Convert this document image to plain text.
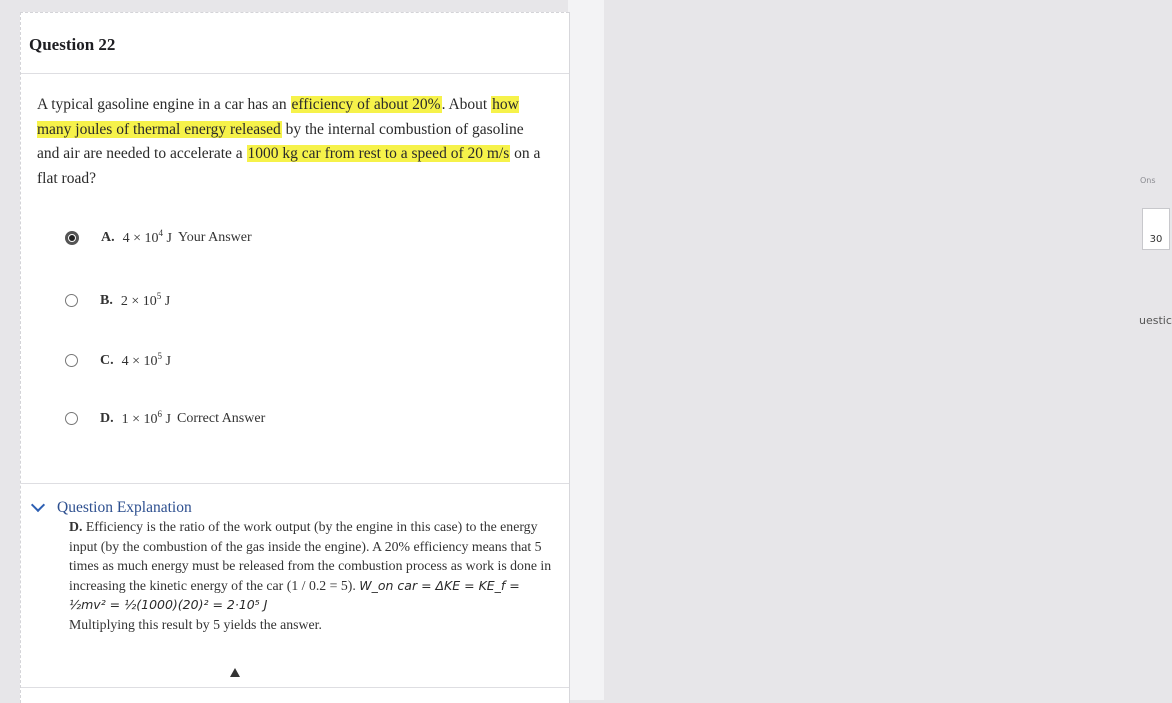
Ons
30
uestic
Question 22
A typical gasoline engine in a car has an efficiency of about 20%. About how many joules of thermal energy released by the internal combustion of gasoline and air are needed to accelerate a 1000 kg car from rest to a speed of 20 m/s on a flat road?
A. $4 \times 10^4$ J Your Answer
B. $2 \times 10^5$ J
C. $4 \times 10^5$ J
D. $1 \times 10^6$ J Correct Answer
Question Explanation
D. Efficiency is the ratio of the work output (by the engine in this case) to the energy input (by the combustion of the gas inside the engine). A 20% efficiency means that 5 times as much energy must be released from the combustion process as work is done in increasing the kinetic energy of the car (1 / 0.2 = 5). W_on car = ΔKE = KE_f = ½mv² = ½(1000)(20)² = 2·10⁵ J
Multiplying this result by 5 yields the answer.
